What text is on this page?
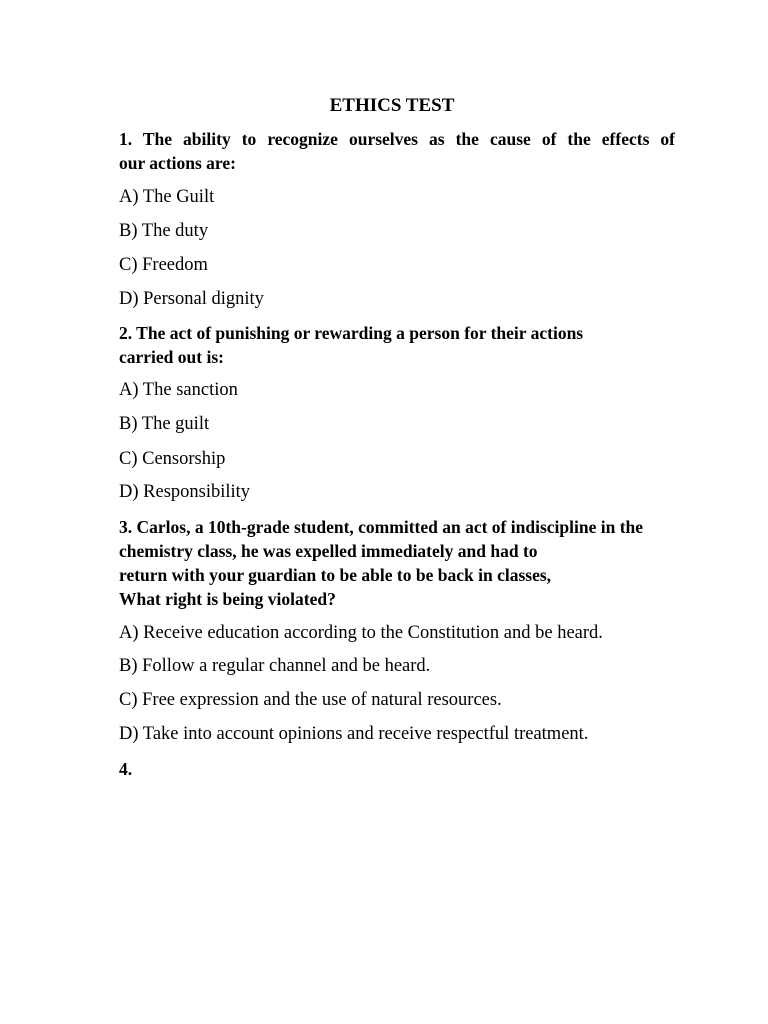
ETHICS TEST
1. The ability to recognize ourselves as the cause of the effects of
our actions are:

A) The Guilt

B) The duty

C) Freedom

D) Personal dignity

2. The act of punishing or rewarding a person for their actions
carried out is:

A) The sanction

B) The guilt

C) Censorship

D) Responsibility

3. Carlos, a 10th-grade student, committed an act of indiscipline in the
chemistry class, he was expelled immediately and had to
return with your guardian to be able to be back in classes,
What right is being violated?

A) Receive education according to the Constitution and be heard.

B) Follow a regular channel and be heard.

C) Free expression and the use of natural resources.

D) Take into account opinions and receive respectful treatment.

4.
